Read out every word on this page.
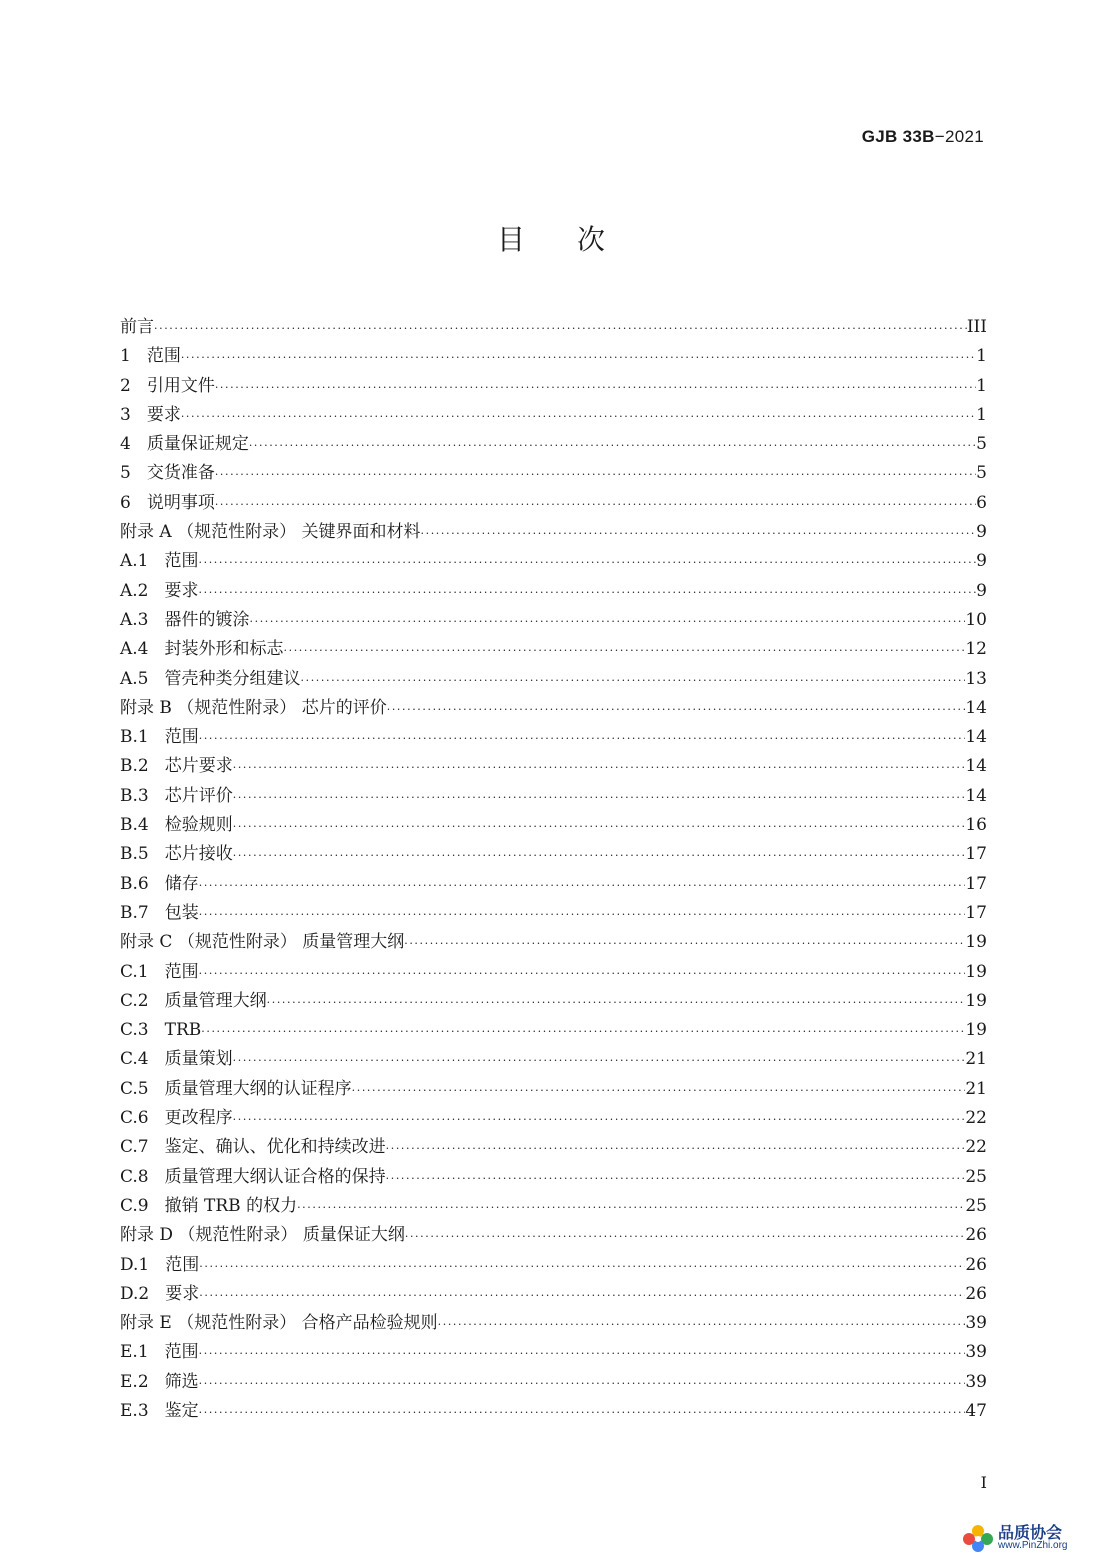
GJB 33B−2021
目次
前言 ·····	III
1 范围 ·····	1
2 引用文件 ·····	1
3 要求 ·····	1
4 质量保证规定 ·····	5
5 交货准备 ·····	5
6 说明事项 ·····	6
附录 A （规范性附录） 关键界面和材料 ·····	9
A.1 范围 ·····	9
A.2 要求 ·····	9
A.3 器件的镀涂 ·····	10
A.4 封装外形和标志 ·····	12
A.5 管壳种类分组建议 ·····	13
附录 B （规范性附录） 芯片的评价 ·····	14
B.1 范围 ·····	14
B.2 芯片要求 ·····	14
B.3 芯片评价 ·····	14
B.4 检验规则 ·····	16
B.5 芯片接收 ·····	17
B.6 储存 ·····	17
B.7 包装 ·····	17
附录 C （规范性附录） 质量管理大纲 ·····	19
C.1 范围 ·····	19
C.2 质量管理大纲 ·····	19
C.3 TRB ·····	19
C.4 质量策划 ·····	21
C.5 质量管理大纲的认证程序 ·····	21
C.6 更改程序 ·····	22
C.7 鉴定、确认、优化和持续改进 ·····	22
C.8 质量管理大纲认证合格的保持 ·····	25
C.9 撤销 TRB 的权力 ·····	25
附录 D （规范性附录） 质量保证大纲 ·····	26
D.1 范围 ·····	26
D.2 要求 ·····	26
附录 E （规范性附录） 合格产品检验规则 ·····	39
E.1 范围 ·····	39
E.2 筛选 ·····	39
E.3 鉴定 ·····	47
I
品质协会
www.PinZhi.org
